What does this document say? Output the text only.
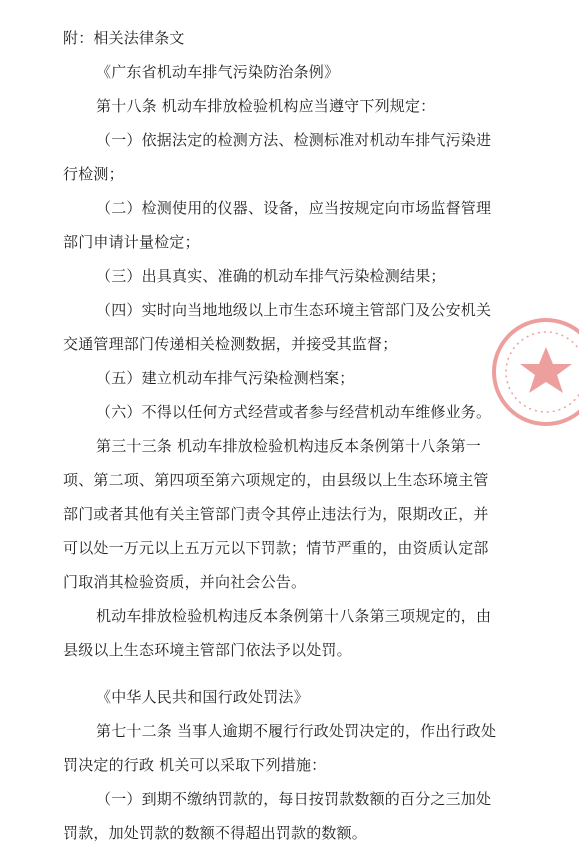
附：相关法律条文
《广东省机动车排气污染防治条例》
第十八条 机动车排放检验机构应当遵守下列规定：
（一）依据法定的检测方法、检测标准对机动车排气污染进
行检测；
（二）检测使用的仪器、设备，应当按规定向市场监督管理
部门申请计量检定；
（三）出具真实、准确的机动车排气污染检测结果；
（四）实时向当地地级以上市生态环境主管部门及公安机关
交通管理部门传递相关检测数据，并接受其监督；
（五）建立机动车排气污染检测档案；
（六）不得以任何方式经营或者参与经营机动车维修业务。
第三十三条 机动车排放检验机构违反本条例第十八条第一
项、第二项、第四项至第六项规定的，由县级以上生态环境主管
部门或者其他有关主管部门责令其停止违法行为，限期改正，并
可以处一万元以上五万元以下罚款；情节严重的，由资质认定部
门取消其检验资质，并向社会公告。
机动车排放检验机构违反本条例第十八条第三项规定的，由
县级以上生态环境主管部门依法予以处罚。
《中华人民共和国行政处罚法》
第七十二条 当事人逾期不履行行政处罚决定的，作出行政处
罚决定的行政 机关可以采取下列措施：
（一）到期不缴纳罚款的，每日按罚款数额的百分之三加处
罚款，加处罚款的数额不得超出罚款的数额。
